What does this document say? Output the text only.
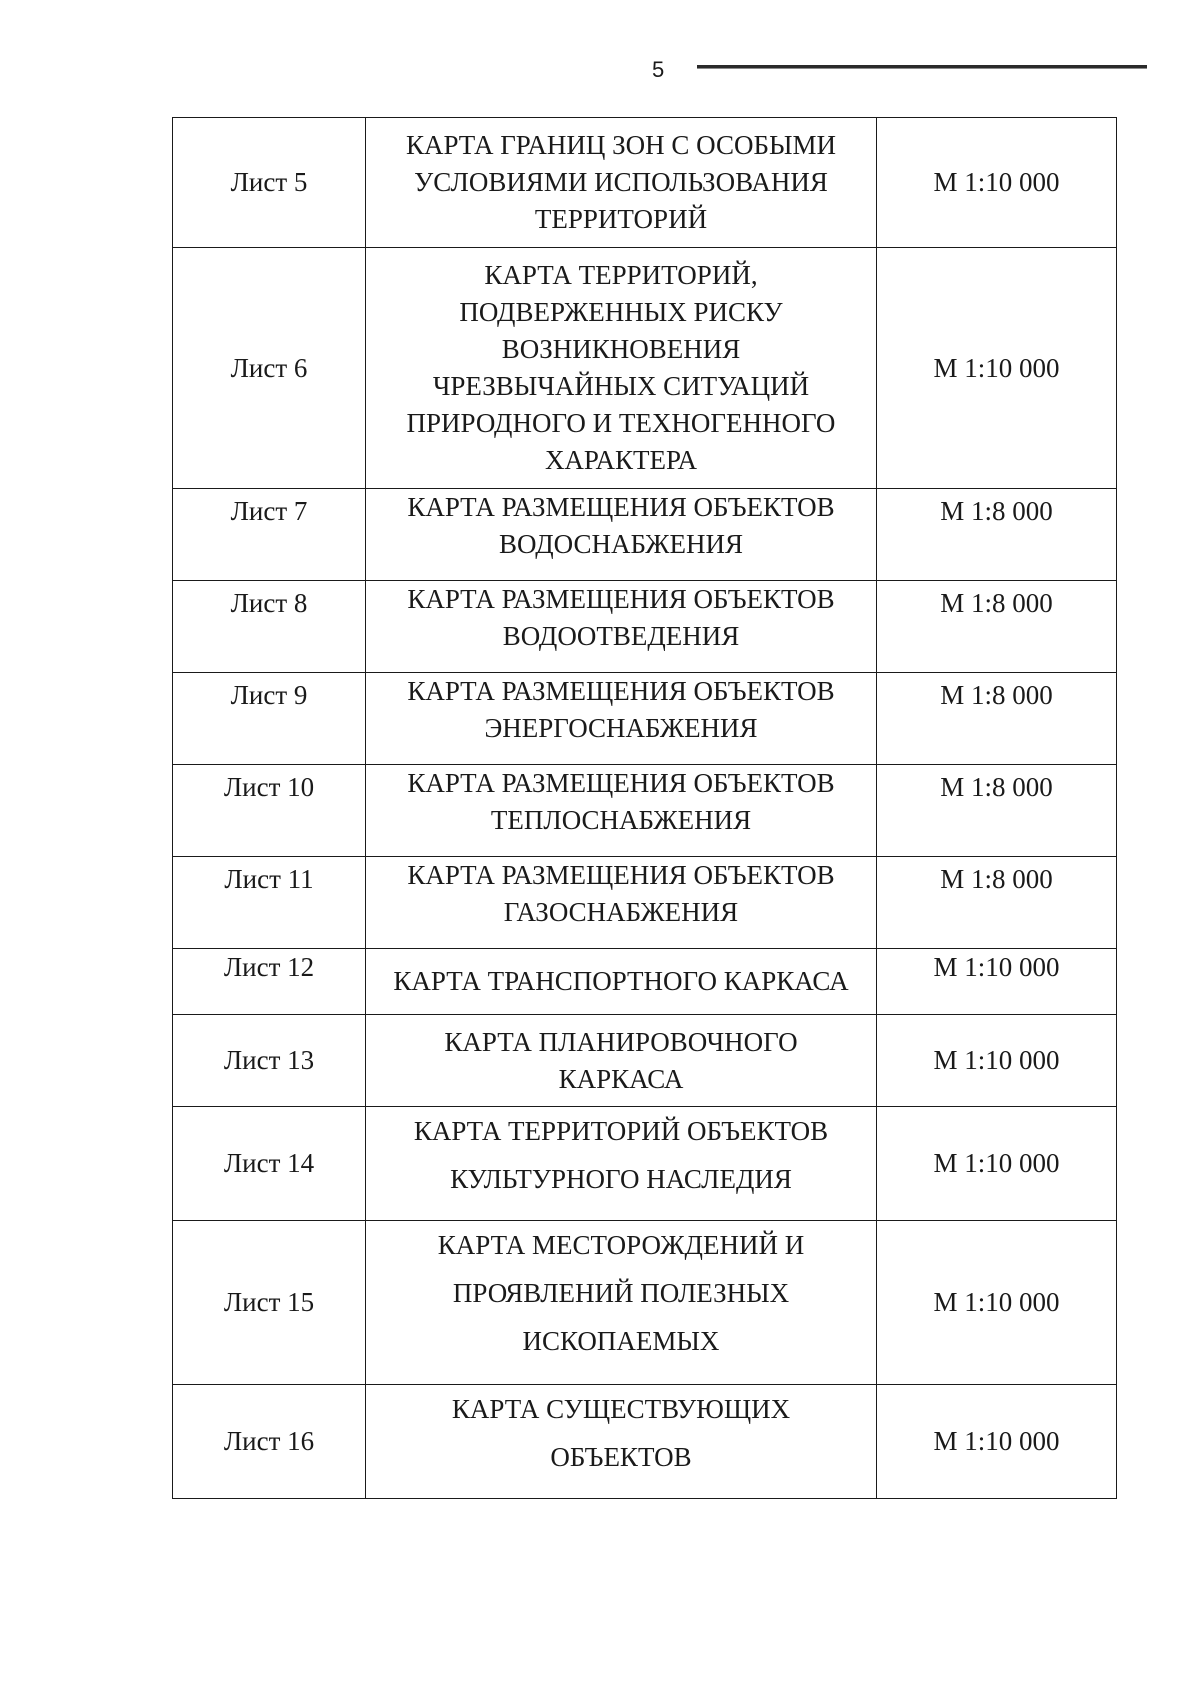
5
Лист 5	КАРТА ГРАНИЦ ЗОН С ОСОБЫМИ УСЛОВИЯМИ ИСПОЛЬЗОВАНИЯ ТЕРРИТОРИЙ	М 1:10 000
Лист 6	КАРТА ТЕРРИТОРИЙ, ПОДВЕРЖЕННЫХ РИСКУ ВОЗНИКНОВЕНИЯ ЧРЕЗВЫЧАЙНЫХ СИТУАЦИЙ ПРИРОДНОГО И ТЕХНОГЕННОГО ХАРАКТЕРА	М 1:10 000
Лист 7	КАРТА РАЗМЕЩЕНИЯ ОБЪЕКТОВ ВОДОСНАБЖЕНИЯ	М 1:8 000
Лист 8	КАРТА РАЗМЕЩЕНИЯ ОБЪЕКТОВ ВОДООТВЕДЕНИЯ	М 1:8 000
Лист 9	КАРТА РАЗМЕЩЕНИЯ ОБЪЕКТОВ ЭНЕРГОСНАБЖЕНИЯ	М 1:8 000
Лист 10	КАРТА РАЗМЕЩЕНИЯ ОБЪЕКТОВ ТЕПЛОСНАБЖЕНИЯ	М 1:8 000
Лист 11	КАРТА РАЗМЕЩЕНИЯ ОБЪЕКТОВ ГАЗОСНАБЖЕНИЯ	М 1:8 000
Лист 12	КАРТА ТРАНСПОРТНОГО КАРКАСА	М 1:10 000
Лист 13	КАРТА ПЛАНИРОВОЧНОГО КАРКАСА	М 1:10 000
Лист 14	КАРТА ТЕРРИТОРИЙ ОБЪЕКТОВ КУЛЬТУРНОГО НАСЛЕДИЯ	М 1:10 000
Лист 15	КАРТА МЕСТОРОЖДЕНИЙ И ПРОЯВЛЕНИЙ ПОЛЕЗНЫХ ИСКОПАЕМЫХ	М 1:10 000
Лист 16	КАРТА СУЩЕСТВУЮЩИХ ОБЪЕКТОВ	М 1:10 000
